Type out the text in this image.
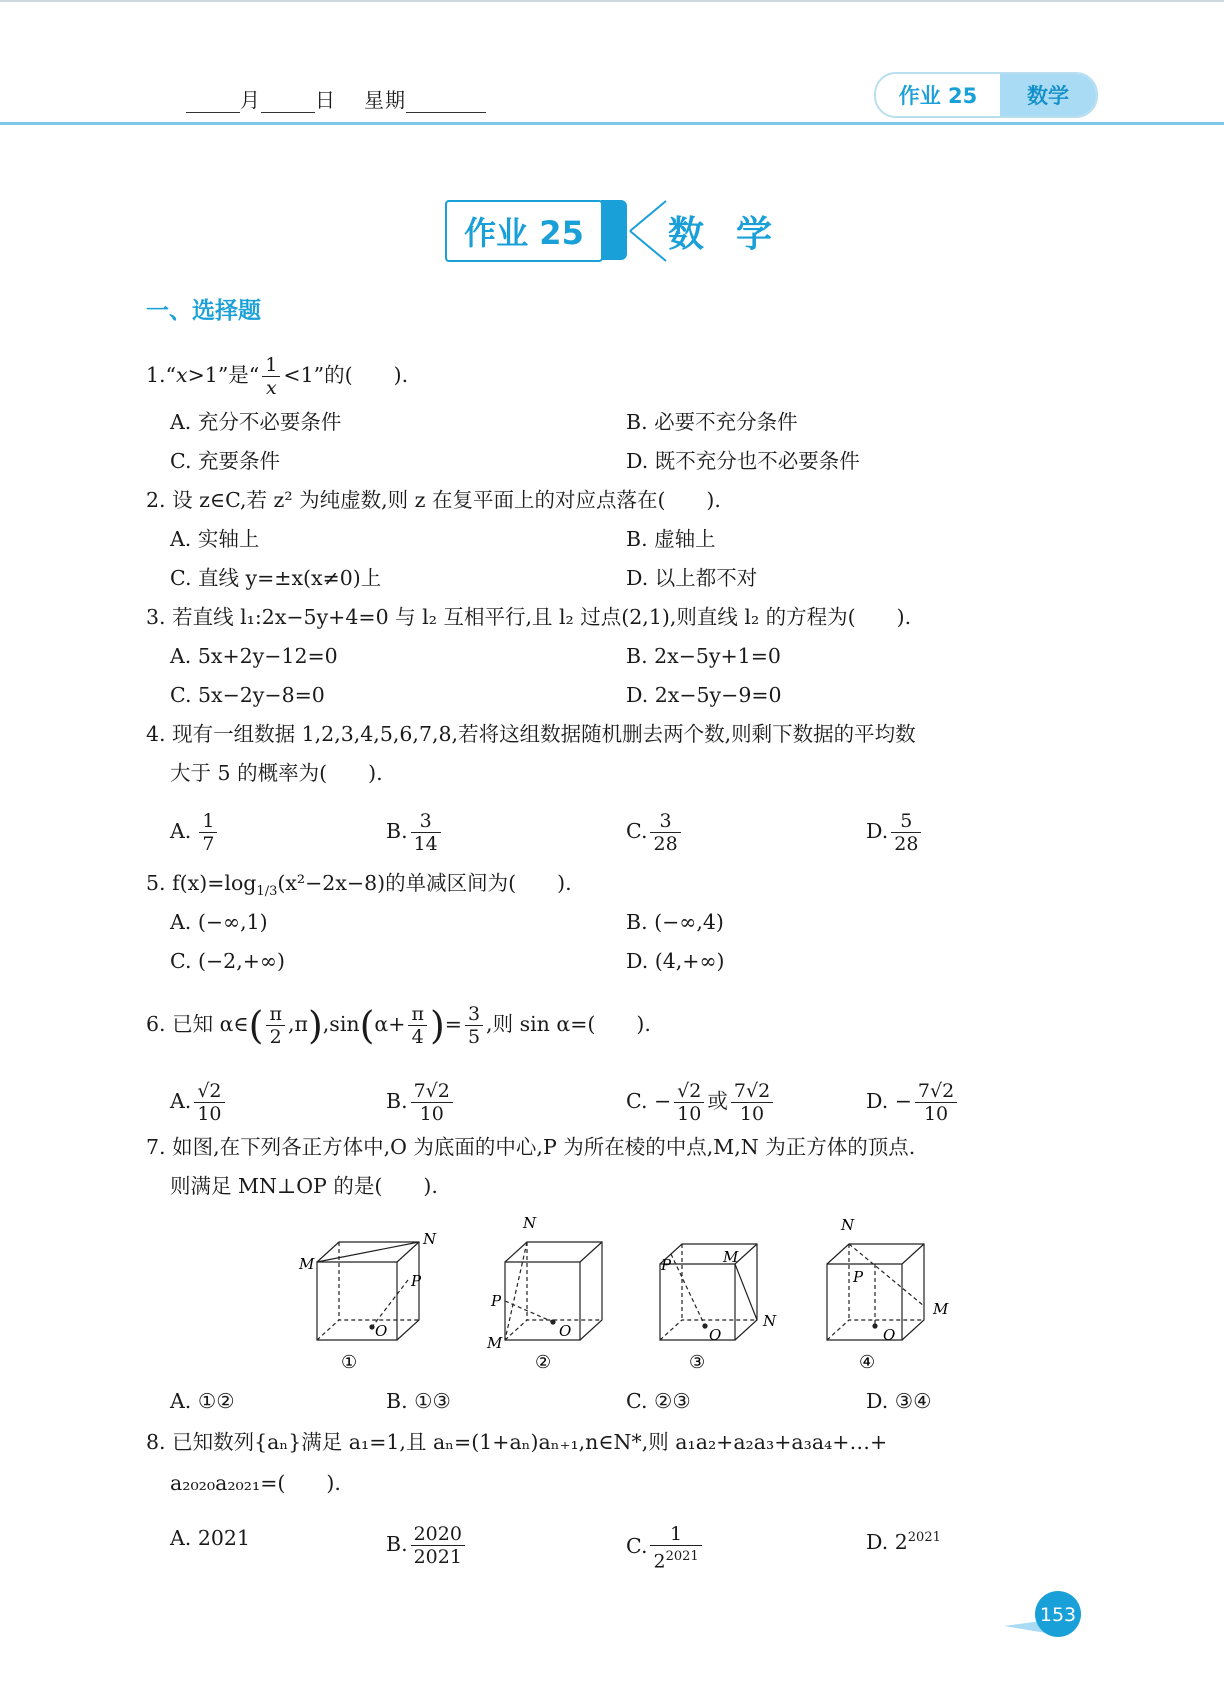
月	日 星期	作业 25	数学
作业 25	数学
一、选择题
1.“x>1”是“ $\frac{1}{x} <1$”的(　　).
A. 充分不必要条件	B. 必要不充分条件
C. 充要条件	D. 既不充分也不必要条件
2. 设 z∈C,若 z² 为纯虚数,则 z 在复平面上的对应点落在(　　).
A. 实轴上	B. 虚轴上
C. 直线 y=±x(x≠0)上	D. 以上都不对
3. 若直线 l₁:2x−5y+4=0 与 l₂ 互相平行,且 l₂ 过点(2,1),则直线 l₂ 的方程为(　　).
A. 5x+2y−12=0	B. 2x−5y+1=0
C. 5x−2y−8=0	D. 2x−5y−9=0
4. 现有一组数据 1,2,3,4,5,6,7,8,若将这组数据随机删去两个数,则剩下数据的平均数
大于 5 的概率为(　　).
A. $\frac{1}{7}$	B. $\frac{3}{14}$	C. $\frac{3}{28}$	D. $\frac{5}{28}$
5. $f(x)=\log_{1/3}(x^2-2x-8)$的单减区间为(　　).
A. (−∞,1)	B. (−∞,4)
C. (−2,+∞)	D. (4,+∞)
6. 已知 α∈( $\frac{\pi}{2} ,\pi),\sin(\alpha+ \frac{\pi}{4}$ )= $\frac{3}{5}$ ,则 sin α=(　　).
A. $\frac{√2}{10}$	B. $\frac{7√2}{10}$	C. − $\frac{√2}{10}$ 或 $\frac{7√2}{10}$	D. − $\frac{7√2}{10}$
7. 如图,在下列各正方体中,O 为底面的中心,P 为所在棱的中点,M,N 为正方体的顶点.
则满足 MN⊥OP 的是(　　).
M
N
P
O
①
N
P
M
O
②
P	M
N
O
③
N
P
M
O
④
A. ①②	B. ①③	C. ②③	D. ③④
8. 已知数列{aₙ}满足 a₁=1,且 aₙ=(1+aₙ)aₙ₊₁,n∈N*,则 a₁a₂+a₂a₃+a₃a₄+…+
a₂₀₂₀a₂₀₂₁=(　　).
A. 2021	B. $\frac{2020}{2021}$	C. $\frac{1}{2^{2021}}$	D. $2^{2021}$
153
